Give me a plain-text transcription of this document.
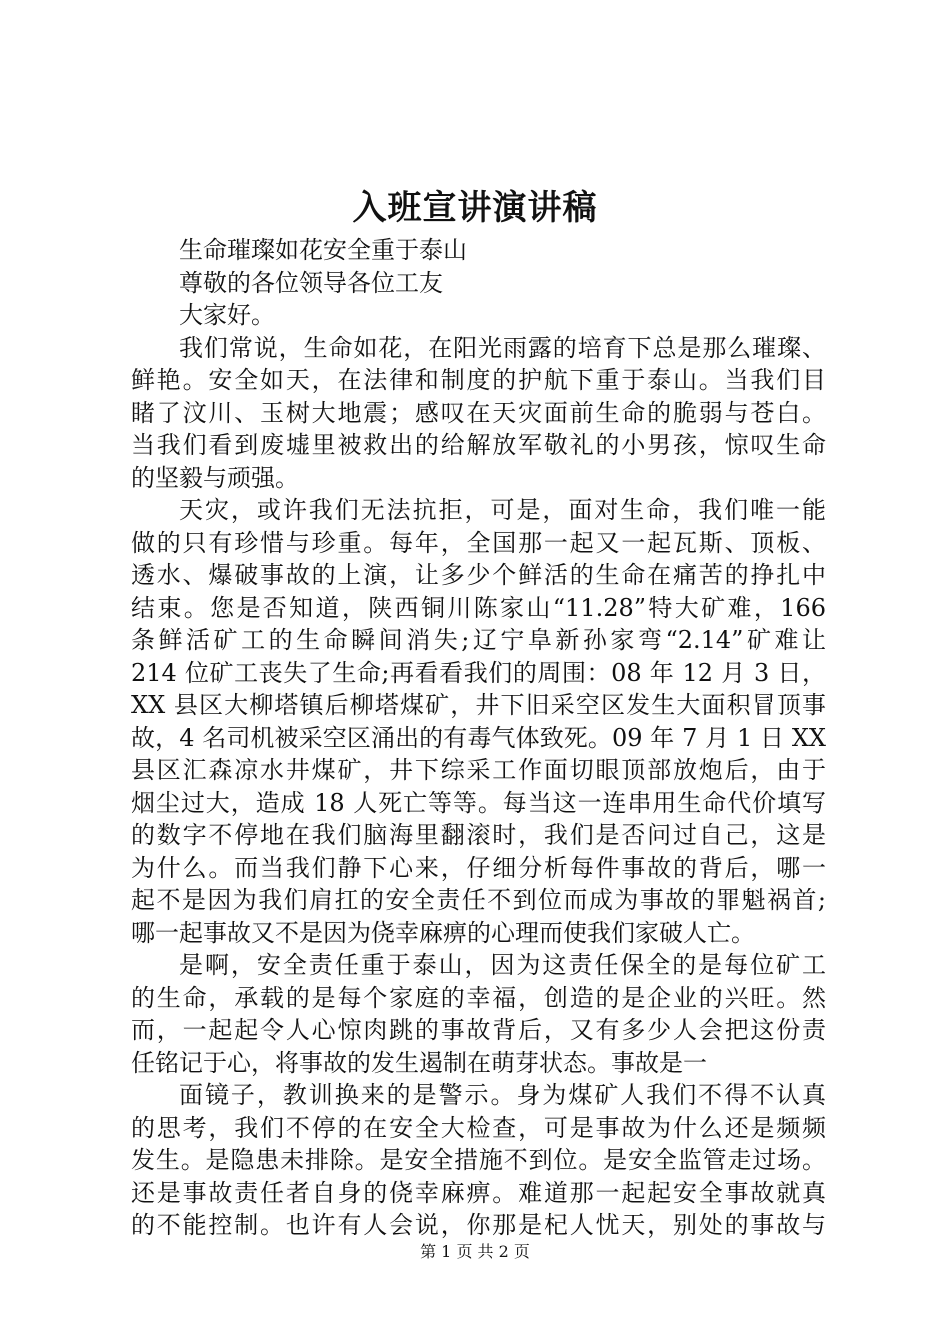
入班宣讲演讲稿
生命璀璨如花安全重于泰山
尊敬的各位领导各位工友
大家好。
我们常说，生命如花，在阳光雨露的培育下总是那么璀璨、
鲜艳。安全如天，在法律和制度的护航下重于泰山。当我们目
睹了汶川、玉树大地震；感叹在天灾面前生命的脆弱与苍白。
当我们看到废墟里被救出的给解放军敬礼的小男孩，惊叹生命
的坚毅与顽强。
天灾，或许我们无法抗拒，可是，面对生命，我们唯一能
做的只有珍惜与珍重。每年，全国那一起又一起瓦斯、顶板、
透水、爆破事故的上演，让多少个鲜活的生命在痛苦的挣扎中
结束。您是否知道，陕西铜川陈家山“11.28”特大矿难，166
条鲜活矿工的生命瞬间消失;辽宁阜新孙家弯“2.14”矿难让
214 位矿工丧失了生命;再看看我们的周围：08 年 12 月 3 日，
XX 县区大柳塔镇后柳塔煤矿，井下旧采空区发生大面积冒顶事
故，4 名司机被采空区涌出的有毒气体致死。09 年 7 月 1 日 XX
县区汇森凉水井煤矿，井下综采工作面切眼顶部放炮后，由于
烟尘过大，造成 18 人死亡等等。每当这一连串用生命代价填写
的数字不停地在我们脑海里翻滚时，我们是否问过自己，这是
为什么。而当我们静下心来，仔细分析每件事故的背后，哪一
起不是因为我们肩扛的安全责任不到位而成为事故的罪魁祸首;
哪一起事故又不是因为侥幸麻痹的心理而使我们家破人亡。
是啊，安全责任重于泰山，因为这责任保全的是每位矿工
的生命，承载的是每个家庭的幸福，创造的是企业的兴旺。然
而，一起起令人心惊肉跳的事故背后，又有多少人会把这份责
任铭记于心，将事故的发生遏制在萌芽状态。事故是一
面镜子，教训换来的是警示。身为煤矿人我们不得不认真
的思考，我们不停的在安全大检查，可是事故为什么还是频频
发生。是隐患未排除。是安全措施不到位。是安全监管走过场。
还是事故责任者自身的侥幸麻痹。难道那一起起安全事故就真
的不能控制。也许有人会说，你那是杞人忧天，别处的事故与
第 1 页 共 2 页
